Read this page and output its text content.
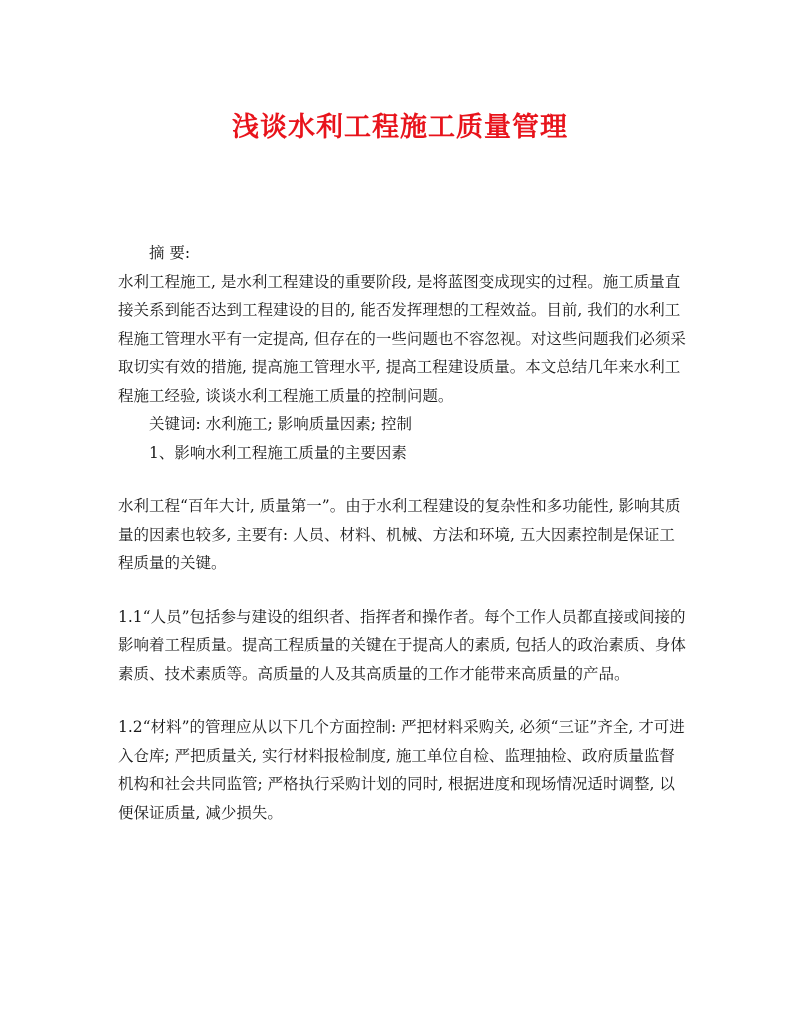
浅谈水利工程施工质量管理

摘 要:

水利工程施工, 是水利工程建设的重要阶段, 是将蓝图变成现实的过程。施工质量直接关系到能否达到工程建设的目的, 能否发挥理想的工程效益。目前, 我们的水利工程施工管理水平有一定提高, 但存在的一些问题也不容忽视。对这些问题我们必须采取切实有效的措施, 提高施工管理水平, 提高工程建设质量。本文总结几年来水利工程施工经验, 谈谈水利工程施工质量的控制问题。

关键词: 水利施工; 影响质量因素; 控制

1、影响水利工程施工质量的主要因素

水利工程“百年大计, 质量第一”。由于水利工程建设的复杂性和多功能性, 影响其质量的因素也较多, 主要有: 人员、材料、机械、方法和环境, 五大因素控制是保证工程质量的关键。

1.1“人员”包括参与建设的组织者、指挥者和操作者。每个工作人员都直接或间接的影响着工程质量。提高工程质量的关键在于提高人的素质, 包括人的政治素质、身体素质、技术素质等。高质量的人及其高质量的工作才能带来高质量的产品。

1.2“材料”的管理应从以下几个方面控制: 严把材料采购关, 必须“三证”齐全, 才可进入仓库; 严把质量关, 实行材料报检制度, 施工单位自检、监理抽检、政府质量监督机构和社会共同监管; 严格执行采购计划的同时, 根据进度和现场情况适时调整, 以便保证质量, 减少损失。
